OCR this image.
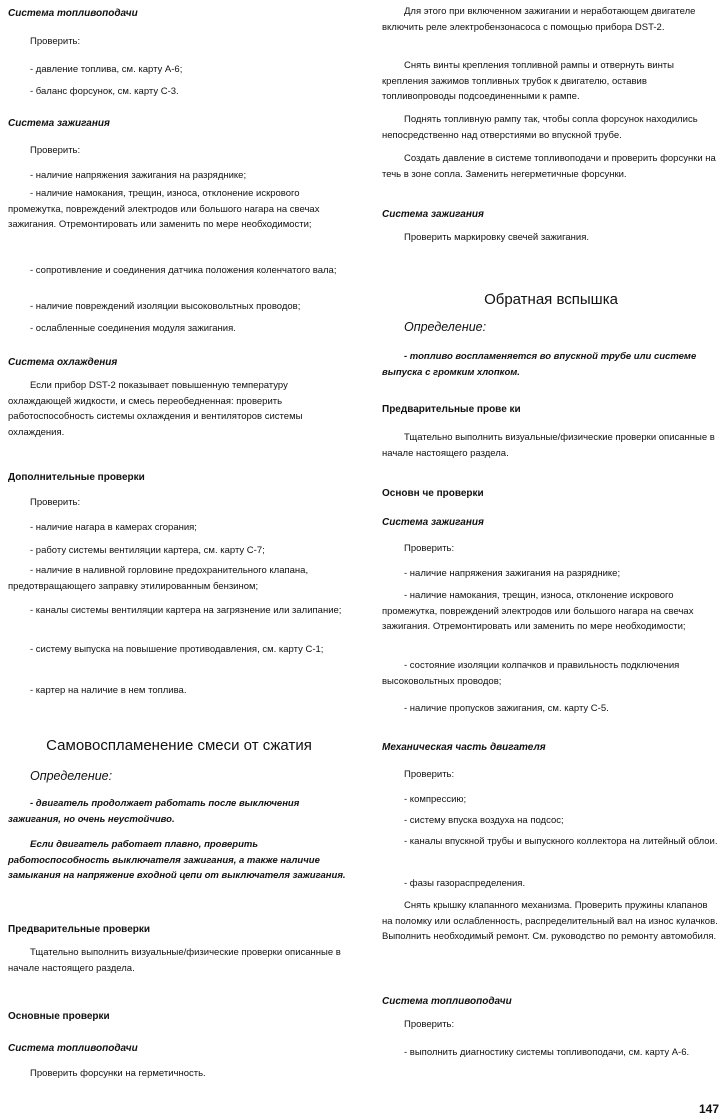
Система топливоподачи

Проверить:

- давление топлива, см. карту А-6;

- баланс форсунок, см. карту С-3.

Система зажигания

Проверить:

- наличие напряжения зажигания на разряднике;

- наличие намокания, трещин, износа, отклонение искрового промежутка, повреждений электродов или большого нагара на свечах зажигания. Отремонтировать или заменить по мере необходимости;

- сопротивление и соединения датчика положения коленчатого вала;

- наличие повреждений изоляции высоковольтных проводов;

- ослабленные соединения модуля зажигания.

Система охлаждения

Если прибор DST-2 показывает повышенную температуру охлаждающей жидкости, и смесь переобедненная: проверить работоспособность системы охлаждения и вентиляторов системы охлаждения.

Дополнительные проверки

Проверить:

- наличие нагара в камерах сгорания;

- работу системы вентиляции картера, см. карту С-7;

- наличие в наливной горловине предохранительного клапана, предотвращающего заправку этилированным бензином;

- каналы системы вентиляции картера на загрязнение или залипание;

- систему выпуска на повышение противодавления, см. карту С-1;

- картер на наличие в нем топлива.

Самовоспламенение смеси от сжатия

Определение:

- двигатель продолжает работать после выключения зажигания, но очень неустойчиво.

Если двигатель работает плавно, проверить работоспособность выключателя зажигания, а также наличие замыкания на напряжение входной цепи от выключателя зажигания.

Предварительные проверки

Тщательно выполнить визуальные/физические проверки описанные в начале настоящего раздела.

Основные проверки

Система топливоподачи

Проверить форсунки на герметичность.

Для этого при включенном зажигании и неработающем двигателе включить реле электробензонасоса с помощью прибора DST-2.

Снять винты крепления топливной рампы и отвернуть винты крепления зажимов топливных трубок к двигателю, оставив топливопроводы подсоединенными к рампе.

Поднять топливную рампу так, чтобы сопла форсунок находились непосредственно над отверстиями во впускной трубе.

Создать давление в системе топливоподачи и проверить форсунки на течь в зоне сопла. Заменить негерметичные форсунки.

Система зажигания

Проверить маркировку свечей зажигания.

Обратная вспышка

Определение:

- топливо воспламеняется во впускной трубе или системе выпуска с громким хлопком.

Предварительные прове ки

Тщательно выполнить визуальные/физические проверки описанные в начале настоящего раздела.

Основн че проверки

Система зажигания

Проверить:

- наличие напряжения зажигания на разряднике;

- наличие намокания, трещин, износа, отклонение искрового промежутка, повреждений электродов или большого нагара на свечах зажигания. Отремонтировать или заменить по мере необходимости;

- состояние изоляции колпачков и правильность подключения высоковольтных проводов;

- наличие пропусков зажигания, см. карту С-5.

Механическая часть двигателя

Проверить:

- компрессию;

- систему впуска воздуха на подсос;

- каналы впускной трубы и выпускного коллектора на литейный облои.

- фазы газораспределения.

Снять крышку клапанного механизма. Проверить пружины клапанов на поломку или ослабленность, распределительный вал на износ кулачков. Выполнить необходимый ремонт. См. руководство по ремонту автомобиля.

Система топливоподачи

Проверить:

- выполнить диагностику системы топливоподачи, см. карту А-6.

147
